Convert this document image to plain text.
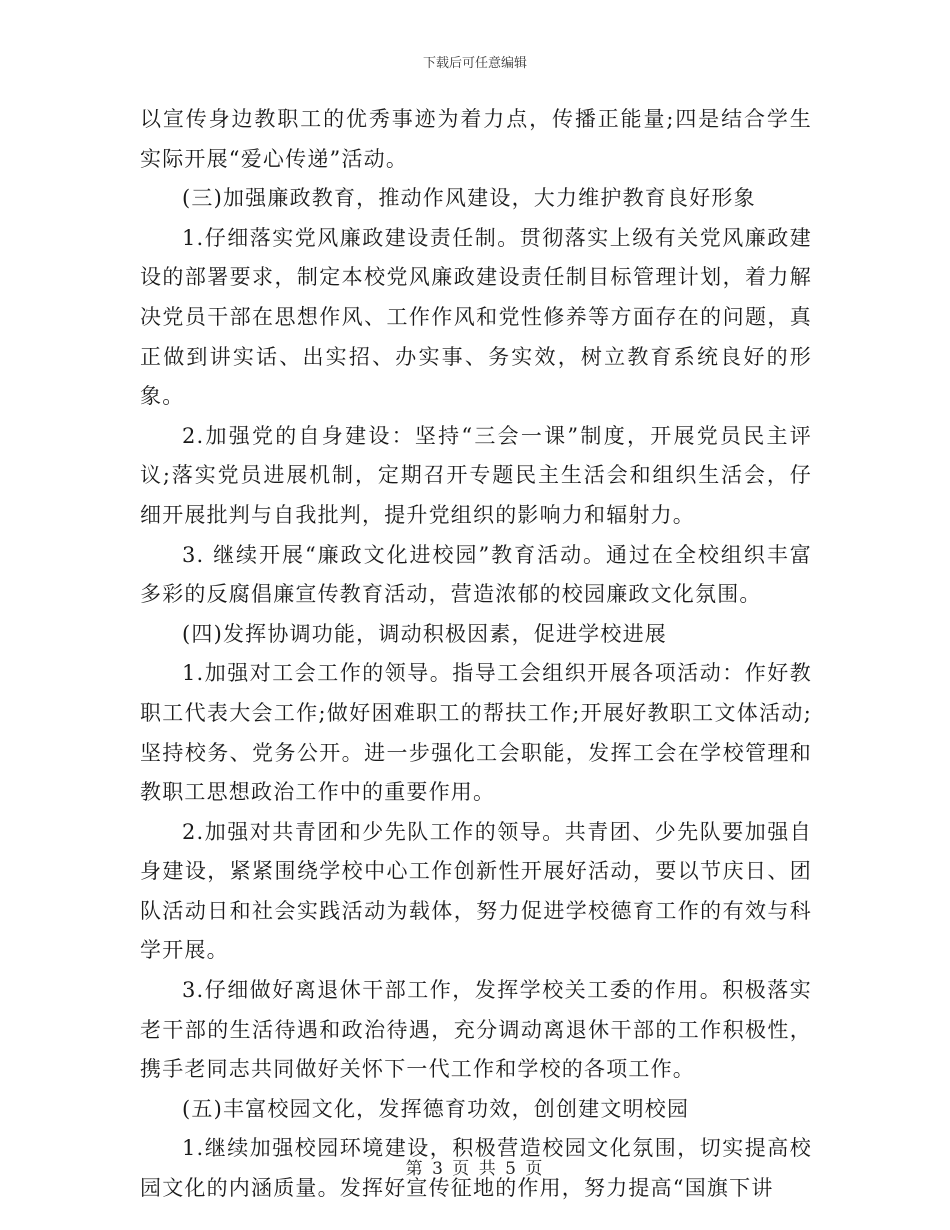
下载后可任意编辑

以宣传身边教职工的优秀事迹为着力点，传播正能量;四是结合学生实际开展“爱心传递”活动。

(三)加强廉政教育，推动作风建设，大力维护教育良好形象

1.仔细落实党风廉政建设责任制。贯彻落实上级有关党风廉政建设的部署要求，制定本校党风廉政建设责任制目标管理计划，着力解决党员干部在思想作风、工作作风和党性修养等方面存在的问题，真正做到讲实话、出实招、办实事、务实效，树立教育系统良好的形象。

2.加强党的自身建设：坚持“三会一课”制度，开展党员民主评议;落实党员进展机制，定期召开专题民主生活会和组织生活会，仔细开展批判与自我批判，提升党组织的影响力和辐射力。

3. 继续开展“廉政文化进校园”教育活动。通过在全校组织丰富多彩的反腐倡廉宣传教育活动，营造浓郁的校园廉政文化氛围。

(四)发挥协调功能，调动积极因素，促进学校进展

1.加强对工会工作的领导。指导工会组织开展各项活动：作好教职工代表大会工作;做好困难职工的帮扶工作;开展好教职工文体活动;坚持校务、党务公开。进一步强化工会职能，发挥工会在学校管理和教职工思想政治工作中的重要作用。

2.加强对共青团和少先队工作的领导。共青团、少先队要加强自身建设，紧紧围绕学校中心工作创新性开展好活动，要以节庆日、团队活动日和社会实践活动为载体，努力促进学校德育工作的有效与科学开展。

3.仔细做好离退休干部工作，发挥学校关工委的作用。积极落实老干部的生活待遇和政治待遇，充分调动离退休干部的工作积极性，携手老同志共同做好关怀下一代工作和学校的各项工作。

(五)丰富校园文化，发挥德育功效，创创建文明校园

1.继续加强校园环境建设，积极营造校园文化氛围，切实提高校园文化的内涵质量。发挥好宣传征地的作用，努力提高“国旗下讲

第 3 页 共 5 页
